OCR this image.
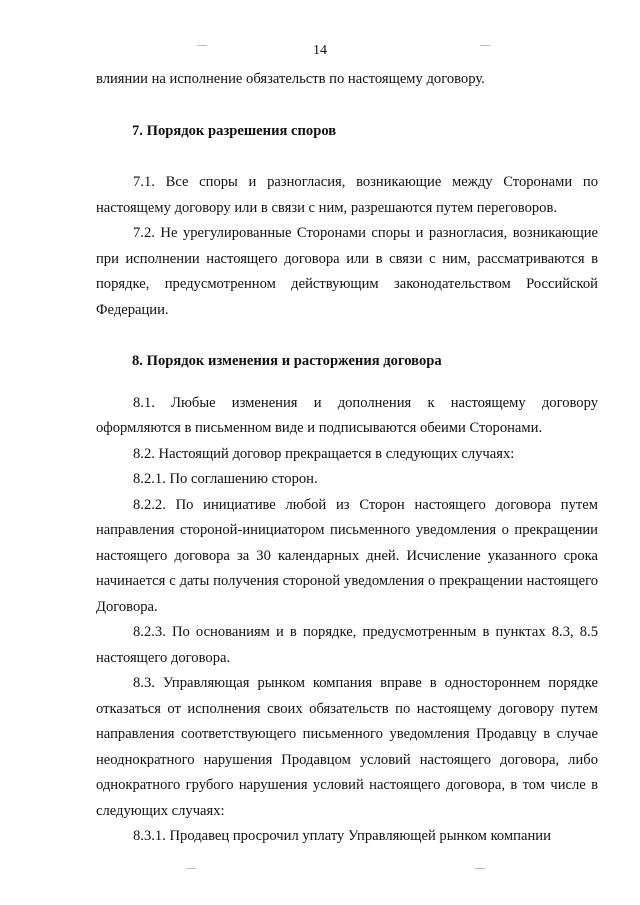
14

влиянии на исполнение обязательств по настоящему договору.

7. Порядок разрешения споров

7.1. Все споры и разногласия, возникающие между Сторонами по настоящему договору или в связи с ним, разрешаются путем переговоров.

7.2. Не урегулированные Сторонами споры и разногласия, возникающие при исполнении настоящего договора или в связи с ним, рассматриваются в порядке, предусмотренном действующим законодательством Российской Федерации.

8. Порядок изменения и расторжения договора

8.1. Любые изменения и дополнения к настоящему договору оформляются в письменном виде и подписываются обеими Сторонами.

8.2. Настоящий договор прекращается в следующих случаях:

8.2.1. По соглашению сторон.

8.2.2. По инициативе любой из Сторон настоящего договора путем направления стороной-инициатором письменного уведомления о прекращении настоящего договора за 30 календарных дней. Исчисление указанного срока начинается с даты получения стороной уведомления о прекращении настоящего Договора.

8.2.3. По основаниям и в порядке, предусмотренным в пунктах 8.3, 8.5 настоящего договора.

8.3. Управляющая рынком компания вправе в одностороннем порядке отказаться от исполнения своих обязательств по настоящему договору путем направления соответствующего письменного уведомления Продавцу в случае неоднократного нарушения Продавцом условий настоящего договора, либо однократного грубого нарушения условий настоящего договора, в том числе в следующих случаях:

8.3.1. Продавец просрочил уплату Управляющей рынком компании
